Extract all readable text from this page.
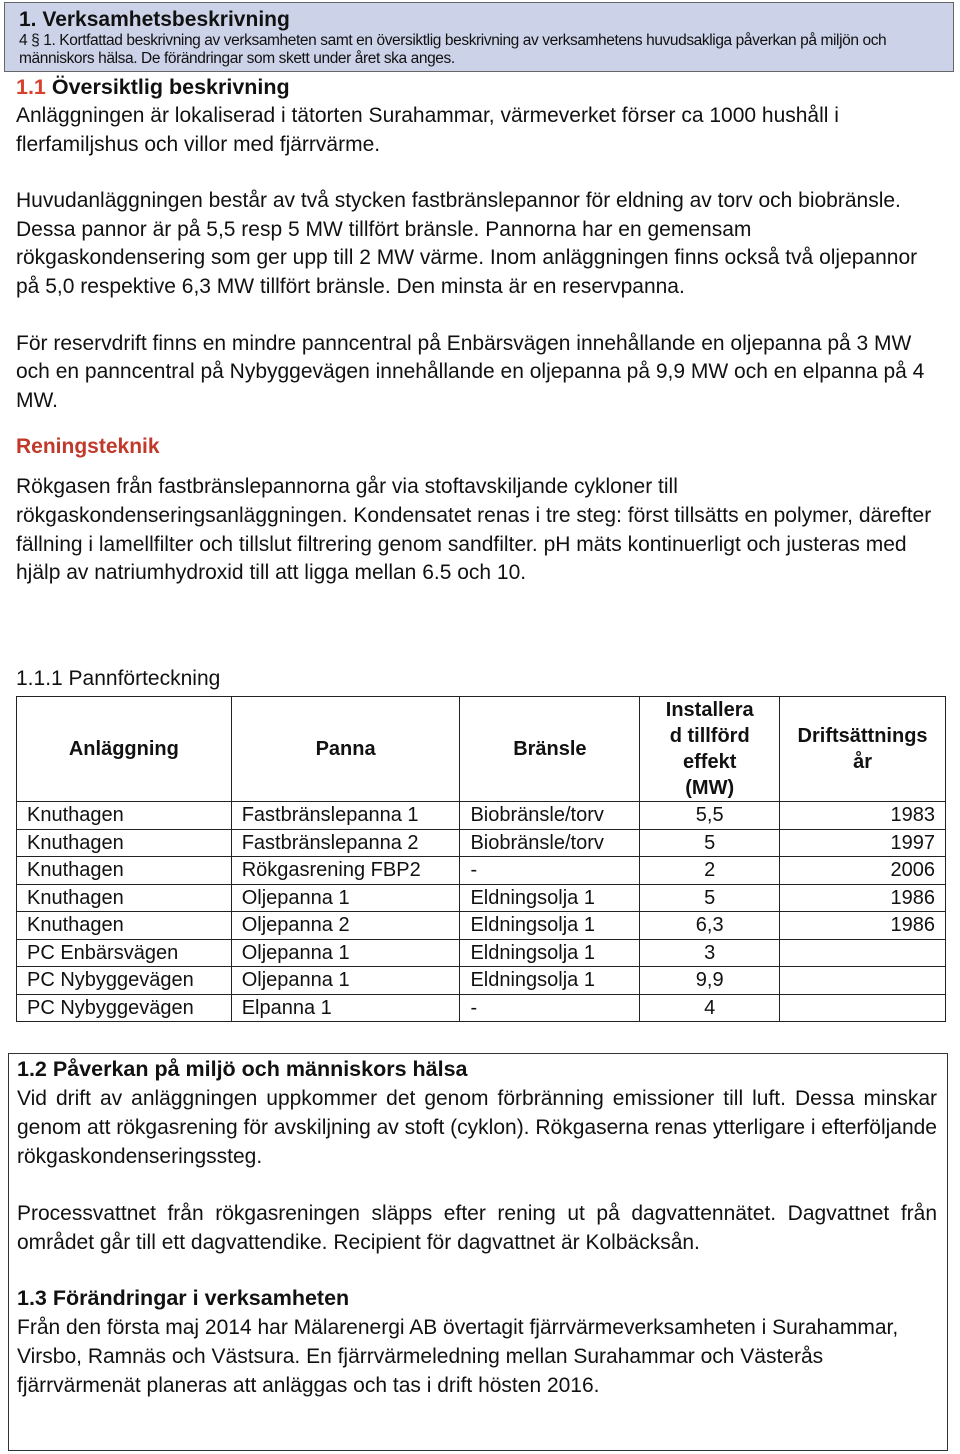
1. Verksamhetsbeskrivning
4 § 1. Kortfattad beskrivning av verksamheten samt en översiktlig beskrivning av verksamhetens huvudsakliga påverkan på miljön och människors hälsa. De förändringar som skett under året ska anges.
1.1 Översiktlig beskrivning

Anläggningen är lokaliserad i tätorten Surahammar, värmeverket förser ca 1000 hushåll i flerfamiljshus och villor med fjärrvärme.

Huvudanläggningen består av två stycken fastbränslepannor för eldning av torv och biobränsle. Dessa pannor är på 5,5 resp 5 MW tillfört bränsle. Pannorna har en gemensam rökgaskondensering som ger upp till 2 MW värme. Inom anläggningen finns också två oljepannor på 5,0 respektive 6,3 MW tillfört bränsle. Den minsta är en reservpanna.

För reservdrift finns en mindre panncentral på Enbärsvägen innehållande en oljepanna på 3 MW och en panncentral på Nybyggevägen innehållande en oljepanna på 9,9 MW och en elpanna på 4 MW.

Reningsteknik

Rökgasen från fastbränslepannorna går via stoftavskiljande cykloner till rökgaskondenseringsanläggningen. Kondensatet renas i tre steg: först tillsätts en polymer, därefter fällning i lamellfilter och tillslut filtrering genom sandfilter. pH mäts kontinuerligt och justeras med hjälp av natriumhydroxid till att ligga mellan 6.5 och 10.

1.1.1 Pannförteckning
Anläggning	Panna	Bränsle	Installera
d tillförd
effekt
(MW)	Driftsättnings
år
Knuthagen	Fastbränslepanna 1	Biobränsle/torv	5,5	1983
Knuthagen	Fastbränslepanna 2	Biobränsle/torv	5	1997
Knuthagen	Rökgasrening FBP2	-	2	2006
Knuthagen	Oljepanna 1	Eldningsolja 1	5	1986
Knuthagen	Oljepanna 2	Eldningsolja 1	6,3	1986
PC Enbärsvägen	Oljepanna 1	Eldningsolja 1	3	
PC Nybyggevägen	Oljepanna 1	Eldningsolja 1	9,9	
PC Nybyggevägen	Elpanna 1	-	4	
1.2 Påverkan på miljö och människors hälsa

Vid drift av anläggningen uppkommer det genom förbränning emissioner till luft. Dessa minskar genom att rökgasrening för avskiljning av stoft (cyklon). Rökgaserna renas ytterligare i efterföljande rökgaskondenseringssteg.

Processvattnet från rökgasreningen släpps efter rening ut på dagvattennätet. Dagvattnet från området går till ett dagvattendike. Recipient för dagvattnet är Kolbäcksån.

1.3 Förändringar i verksamheten

Från den första maj 2014 har Mälarenergi AB övertagit fjärrvärmeverksamheten i Surahammar, Virsbo, Ramnäs och Västsura. En fjärrvärmeledning mellan Surahammar och Västerås fjärrvärmenät planeras att anläggas och tas i drift hösten 2016.
